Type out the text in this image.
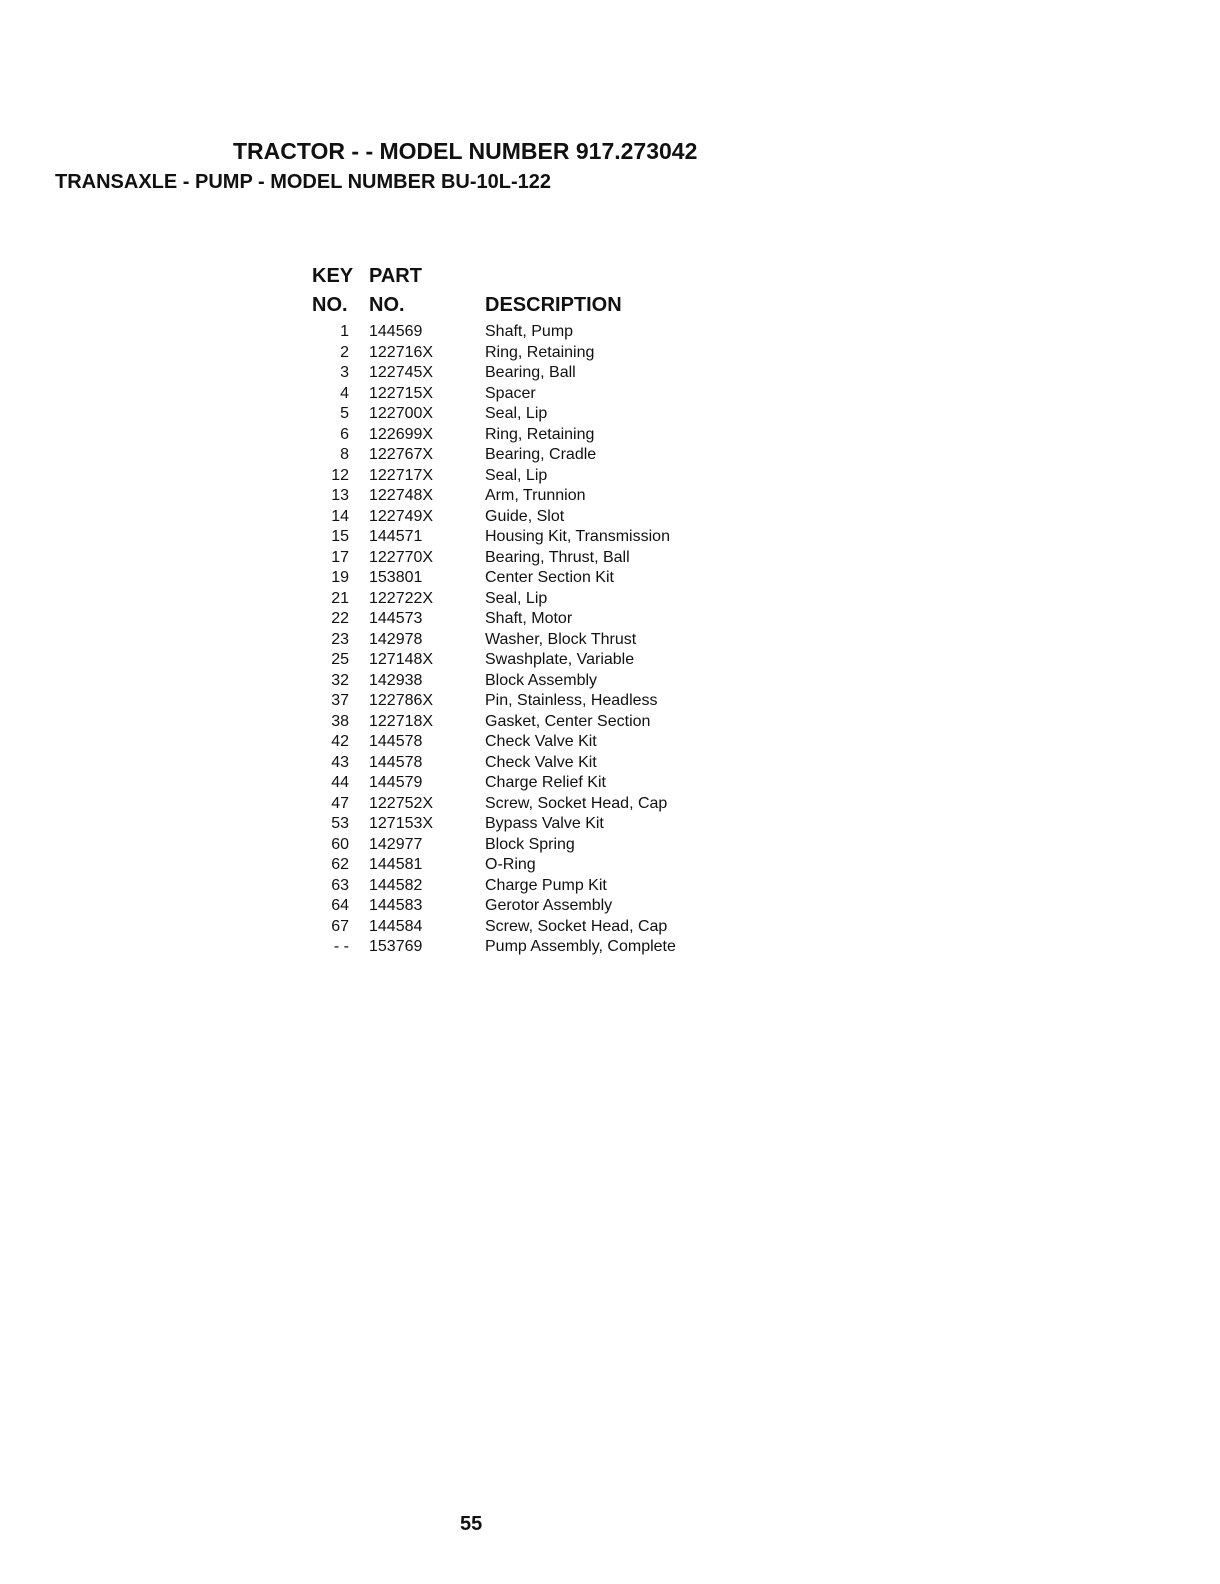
TRACTOR - - MODEL NUMBER 917.273042
TRANSAXLE - PUMP - MODEL NUMBER BU-10L-122
KEY PART
NO. NO.	DESCRIPTION
1 144569	Shaft, Pump
2 122716X	Ring, Retaining
3 122745X	Bearing, Ball
4 122715X	Spacer
5 122700X	Seal, Lip
6 122699X	Ring, Retaining
8 122767X	Bearing, Cradle
12 122717X	Seal, Lip
13 122748X	Arm, Trunnion
14 122749X	Guide, Slot
15 144571	Housing Kit, Transmission
17 122770X	Bearing, Thrust, Ball
19 153801	Center Section Kit
21 122722X	Seal, Lip
22 144573	Shaft, Motor
23 142978	Washer, Block Thrust
25 127148X	Swashplate, Variable
32 142938	Block Assembly
37 122786X	Pin, Stainless, Headless
38 122718X	Gasket, Center Section
42 144578	Check Valve Kit
43 144578	Check Valve Kit
44 144579	Charge Relief Kit
47 122752X	Screw, Socket Head, Cap
53 127153X	Bypass Valve Kit
60 142977	Block Spring
62 144581	O-Ring
63 144582	Charge Pump Kit
64 144583	Gerotor Assembly
67 144584	Screw, Socket Head, Cap
- - 153769	Pump Assembly, Complete
55
